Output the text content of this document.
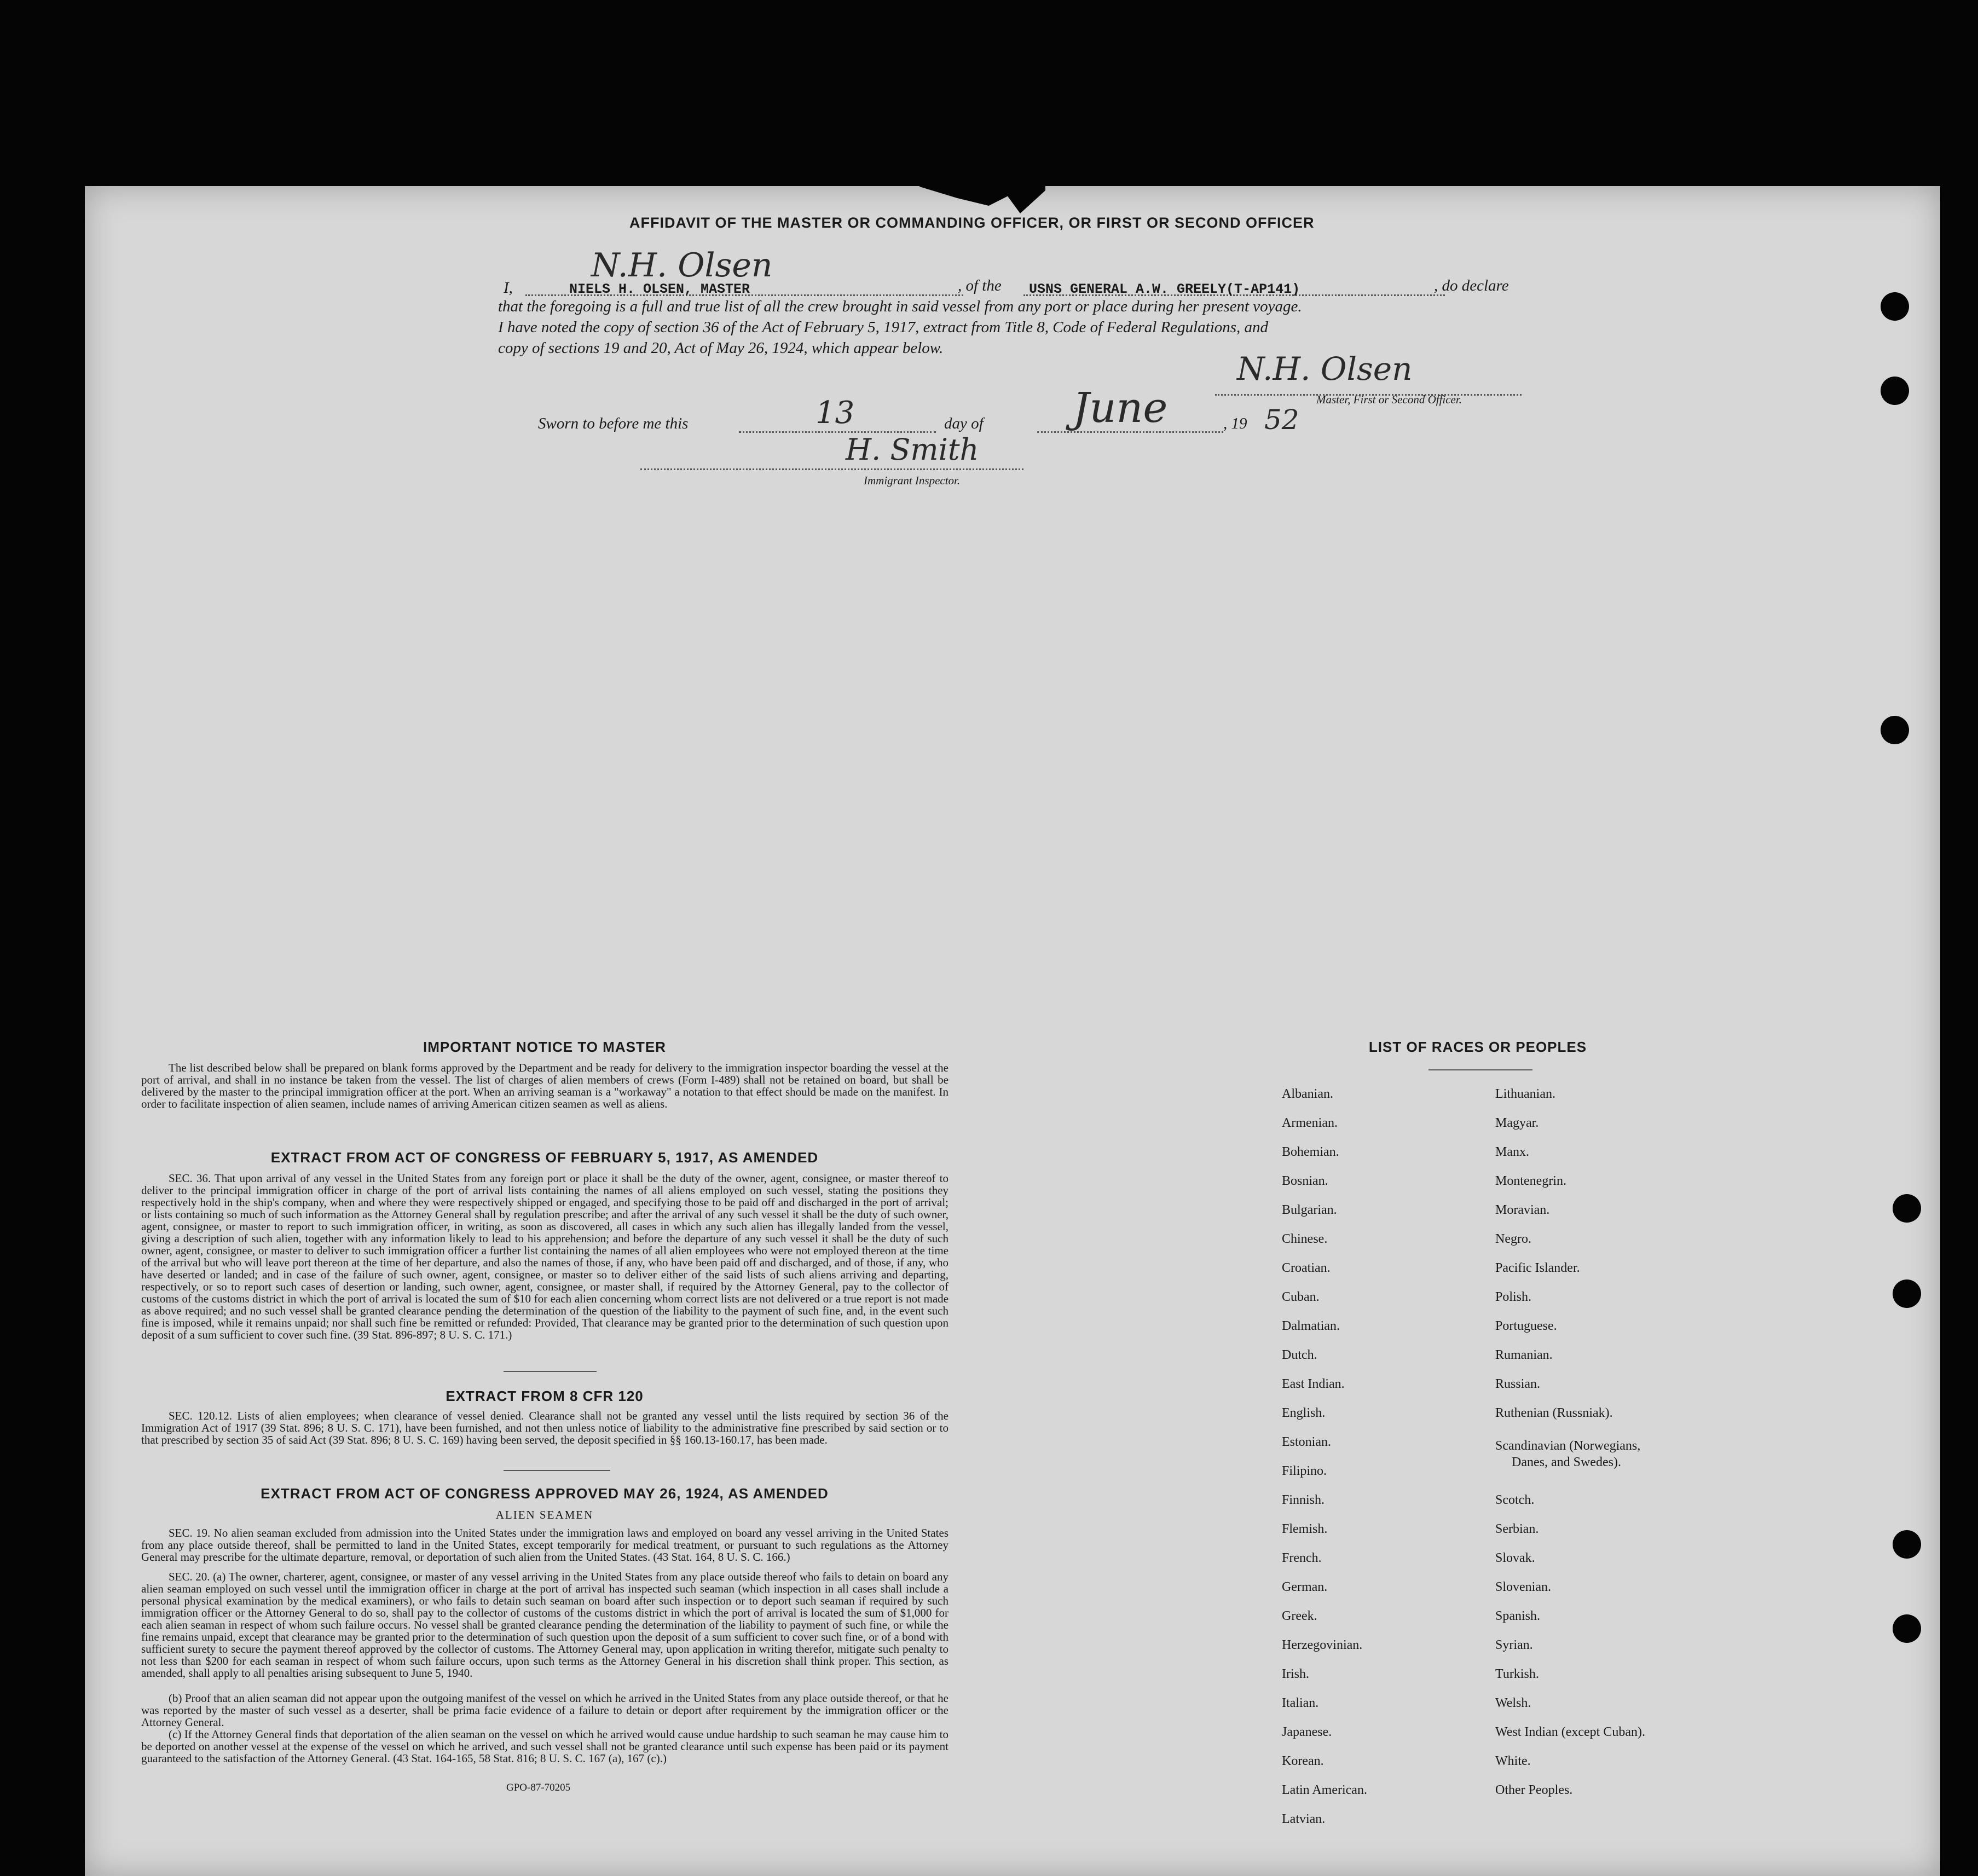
AFFIDAVIT OF THE MASTER OR COMMANDING OFFICER, OR FIRST OR SECOND OFFICER
I,
N.H. Olsen
NIELS H. OLSEN, MASTER	, of the USNS GENERAL A.W. GREELY(T-AP141)	, do declare
that the foregoing is a full and true list of all the crew brought in said vessel from any port or place during her present voyage.
I have noted the copy of section 36 of the Act of February 5, 1917, extract from Title 8, Code of Federal Regulations, and
copy of sections 19 and 20, Act of May 26, 1924, which appear below.
N.H. Olsen
Master, First or Second Officer.
Sworn to before me this	13	day of June	, 19 52
H. Smith
Immigrant Inspector.
IMPORTANT NOTICE TO MASTER
The list described below shall be prepared on blank forms approved by the Department and be ready for delivery to the immigration inspector boarding the vessel at the port of arrival, and shall in no instance be taken from the vessel. The list of charges of alien members of crews (Form I-489) shall not be retained on board, but shall be delivered by the master to the principal immigration officer at the port. When an arriving seaman is a "workaway" a notation to that effect should be made on the manifest. In order to facilitate inspection of alien seamen, include names of arriving American citizen seamen as well as aliens.
EXTRACT FROM ACT OF CONGRESS OF FEBRUARY 5, 1917, AS AMENDED
SEC. 36. That upon arrival of any vessel in the United States from any foreign port or place it shall be the duty of the owner, agent, consignee, or master thereof to deliver to the principal immigration officer in charge of the port of arrival lists containing the names of all aliens employed on such vessel, stating the positions they respectively hold in the ship's company, when and where they were respectively shipped or engaged, and specifying those to be paid off and discharged in the port of arrival; or lists containing so much of such information as the Attorney General shall by regulation prescribe; and after the arrival of any such vessel it shall be the duty of such owner, agent, consignee, or master to report to such immigration officer, in writing, as soon as discovered, all cases in which any such alien has illegally landed from the vessel, giving a description of such alien, together with any information likely to lead to his apprehension; and before the departure of any such vessel it shall be the duty of such owner, agent, consignee, or master to deliver to such immigration officer a further list containing the names of all alien employees who were not employed thereon at the time of the arrival but who will leave port thereon at the time of her departure, and also the names of those, if any, who have been paid off and discharged, and of those, if any, who have deserted or landed; and in case of the failure of such owner, agent, consignee, or master so to deliver either of the said lists of such aliens arriving and departing, respectively, or so to report such cases of desertion or landing, such owner, agent, consignee, or master shall, if required by the Attorney General, pay to the collector of customs of the customs district in which the port of arrival is located the sum of $10 for each alien concerning whom correct lists are not delivered or a true report is not made as above required; and no such vessel shall be granted clearance pending the determination of the question of the liability to the payment of such fine, and, in the event such fine is imposed, while it remains unpaid; nor shall such fine be remitted or refunded: Provided, That clearance may be granted prior to the determination of such question upon deposit of a sum sufficient to cover such fine. (39 Stat. 896-897; 8 U. S. C. 171.)
EXTRACT FROM 8 CFR 120
SEC. 120.12. Lists of alien employees; when clearance of vessel denied. Clearance shall not be granted any vessel until the lists required by section 36 of the Immigration Act of 1917 (39 Stat. 896; 8 U. S. C. 171), have been furnished, and not then unless notice of liability to the administrative fine prescribed by said section or to that prescribed by section 35 of said Act (39 Stat. 896; 8 U. S. C. 169) having been served, the deposit specified in §§ 160.13-160.17, has been made.
EXTRACT FROM ACT OF CONGRESS APPROVED MAY 26, 1924, AS AMENDED
ALIEN SEAMEN
SEC. 19. No alien seaman excluded from admission into the United States under the immigration laws and employed on board any vessel arriving in the United States from any place outside thereof, shall be permitted to land in the United States, except temporarily for medical treatment, or pursuant to such regulations as the Attorney General may prescribe for the ultimate departure, removal, or deportation of such alien from the United States. (43 Stat. 164, 8 U. S. C. 166.)
SEC. 20. (a) The owner, charterer, agent, consignee, or master of any vessel arriving in the United States from any place outside thereof who fails to detain on board any alien seaman employed on such vessel until the immigration officer in charge at the port of arrival has inspected such seaman (which inspection in all cases shall include a personal physical examination by the medical examiners), or who fails to detain such seaman on board after such inspection or to deport such seaman if required by such immigration officer or the Attorney General to do so, shall pay to the collector of customs of the customs district in which the port of arrival is located the sum of $1,000 for each alien seaman in respect of whom such failure occurs. No vessel shall be granted clearance pending the determination of the liability to payment of such fine, or while the fine remains unpaid, except that clearance may be granted prior to the determination of such question upon the deposit of a sum sufficient to cover such fine, or of a bond with sufficient surety to secure the payment thereof approved by the collector of customs. The Attorney General may, upon application in writing therefor, mitigate such penalty to not less than $200 for each seaman in respect of whom such failure occurs, upon such terms as the Attorney General in his discretion shall think proper. This section, as amended, shall apply to all penalties arising subsequent to June 5, 1940.
(b) Proof that an alien seaman did not appear upon the outgoing manifest of the vessel on which he arrived in the United States from any place outside thereof, or that he was reported by the master of such vessel as a deserter, shall be prima facie evidence of a failure to detain or deport after requirement by the immigration officer or the Attorney General.
(c) If the Attorney General finds that deportation of the alien seaman on the vessel on which he arrived would cause undue hardship to such seaman he may cause him to be deported on another vessel at the expense of the vessel on which he arrived, and such vessel shall not be granted clearance until such expense has been paid or its payment guaranteed to the satisfaction of the Attorney General. (43 Stat. 164-165, 58 Stat. 816; 8 U. S. C. 167 (a), 167 (c).)
GPO-87-70205
LIST OF RACES OR PEOPLES
Albanian.
Armenian.
Bohemian.
Bosnian.
Bulgarian.
Chinese.
Croatian.
Cuban.
Dalmatian.
Dutch.
East Indian.
English.
Estonian.
Filipino.
Finnish.
Flemish.
French.
German.
Greek.
Herzegovinian.
Irish.
Italian.
Japanese.
Korean.
Latin American.
Latvian.
Lithuanian.
Magyar.
Manx.
Montenegrin.
Moravian.
Negro.
Pacific Islander.
Polish.
Portuguese.
Rumanian.
Russian.
Ruthenian (Russniak).
Scandinavian (Norwegians,
Danes, and Swedes).
Scotch.
Serbian.
Slovak.
Slovenian.
Spanish.
Syrian.
Turkish.
Welsh.
West Indian (except Cuban).
White.
Other Peoples.
